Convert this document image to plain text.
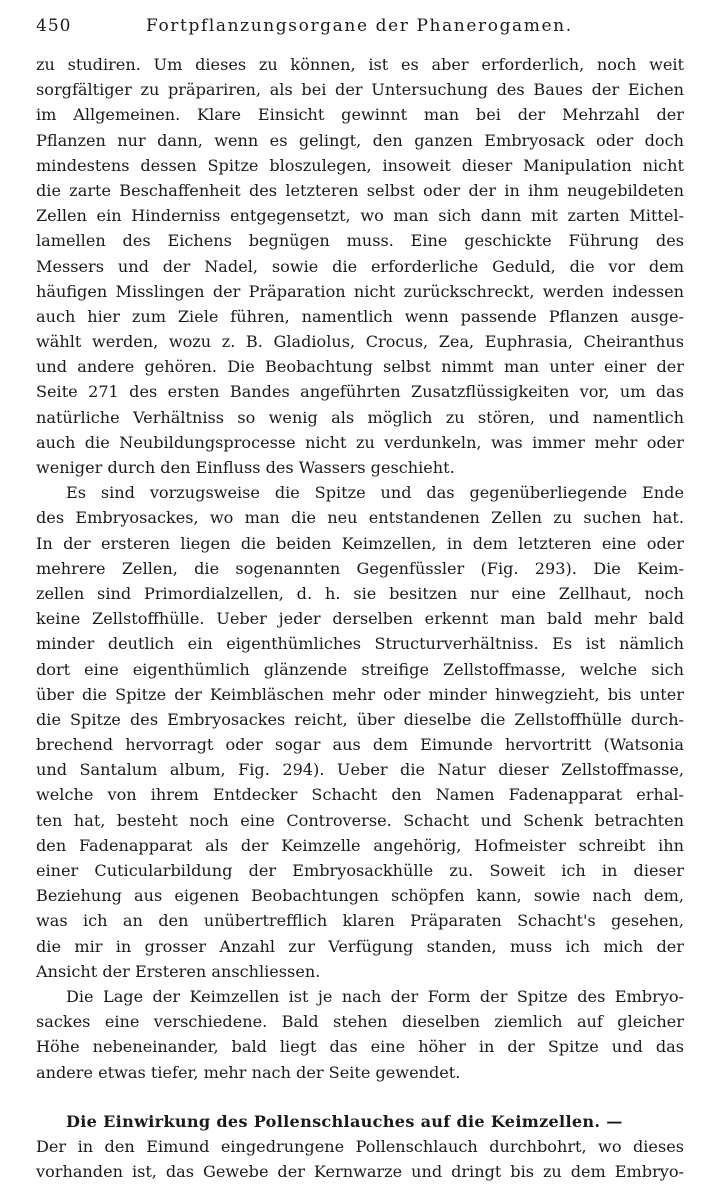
450	Fortpflanzungsorgane der Phanerogamen.
zu studiren. Um dieses zu können, ist es aber erforderlich, noch weit
sorgfältiger zu präpariren, als bei der Untersuchung des Baues der Eichen
im Allgemeinen. Klare Einsicht gewinnt man bei der Mehrzahl der
Pflanzen nur dann, wenn es gelingt, den ganzen Embryosack oder doch
mindestens dessen Spitze bloszulegen, insoweit dieser Manipulation nicht
die zarte Beschaffenheit des letzteren selbst oder der in ihm neugebildeten
Zellen ein Hinderniss entgegensetzt, wo man sich dann mit zarten Mittel-
lamellen des Eichens begnügen muss. Eine geschickte Führung des
Messers und der Nadel, sowie die erforderliche Geduld, die vor dem
häufigen Misslingen der Präparation nicht zurückschreckt, werden indessen
auch hier zum Ziele führen, namentlich wenn passende Pflanzen ausge-
wählt werden, wozu z. B. Gladiolus, Crocus, Zea, Euphrasia, Cheiranthus
und andere gehören. Die Beobachtung selbst nimmt man unter einer der
Seite 271 des ersten Bandes angeführten Zusatzflüssigkeiten vor, um das
natürliche Verhältniss so wenig als möglich zu stören, und namentlich
auch die Neubildungsprocesse nicht zu verdunkeln, was immer mehr oder
weniger durch den Einfluss des Wassers geschieht.
Es sind vorzugsweise die Spitze und das gegenüberliegende Ende
des Embryosackes, wo man die neu entstandenen Zellen zu suchen hat.
In der ersteren liegen die beiden Keimzellen, in dem letzteren eine oder
mehrere Zellen, die sogenannten Gegenfüssler (Fig. 293). Die Keim-
zellen sind Primordialzellen, d. h. sie besitzen nur eine Zellhaut, noch
keine Zellstoffhülle. Ueber jeder derselben erkennt man bald mehr bald
minder deutlich ein eigenthümliches Structurverhältniss. Es ist nämlich
dort eine eigenthümlich glänzende streifige Zellstoffmasse, welche sich
über die Spitze der Keimbläschen mehr oder minder hinwegzieht, bis unter
die Spitze des Embryosackes reicht, über dieselbe die Zellstoffhülle durch-
brechend hervorragt oder sogar aus dem Eimunde hervortritt (Watsonia
und Santalum album, Fig. 294). Ueber die Natur dieser Zellstoffmasse,
welche von ihrem Entdecker Schacht den Namen Fadenapparat erhal-
ten hat, besteht noch eine Controverse. Schacht und Schenk betrachten
den Fadenapparat als der Keimzelle angehörig, Hofmeister schreibt ihn
einer Cuticularbildung der Embryosackhülle zu. Soweit ich in dieser
Beziehung aus eigenen Beobachtungen schöpfen kann, sowie nach dem,
was ich an den unübertrefflich klaren Präparaten Schacht's gesehen,
die mir in grosser Anzahl zur Verfügung standen, muss ich mich der
Ansicht der Ersteren anschliessen.
Die Lage der Keimzellen ist je nach der Form der Spitze des Embryo-
sackes eine verschiedene. Bald stehen dieselben ziemlich auf gleicher
Höhe nebeneinander, bald liegt das eine höher in der Spitze und das
andere etwas tiefer, mehr nach der Seite gewendet.
Die Einwirkung des Pollenschlauches auf die Keimzellen. —
Der in den Eimund eingedrungene Pollenschlauch durchbohrt, wo dieses
vorhanden ist, das Gewebe der Kernwarze und dringt bis zu dem Embryo-
